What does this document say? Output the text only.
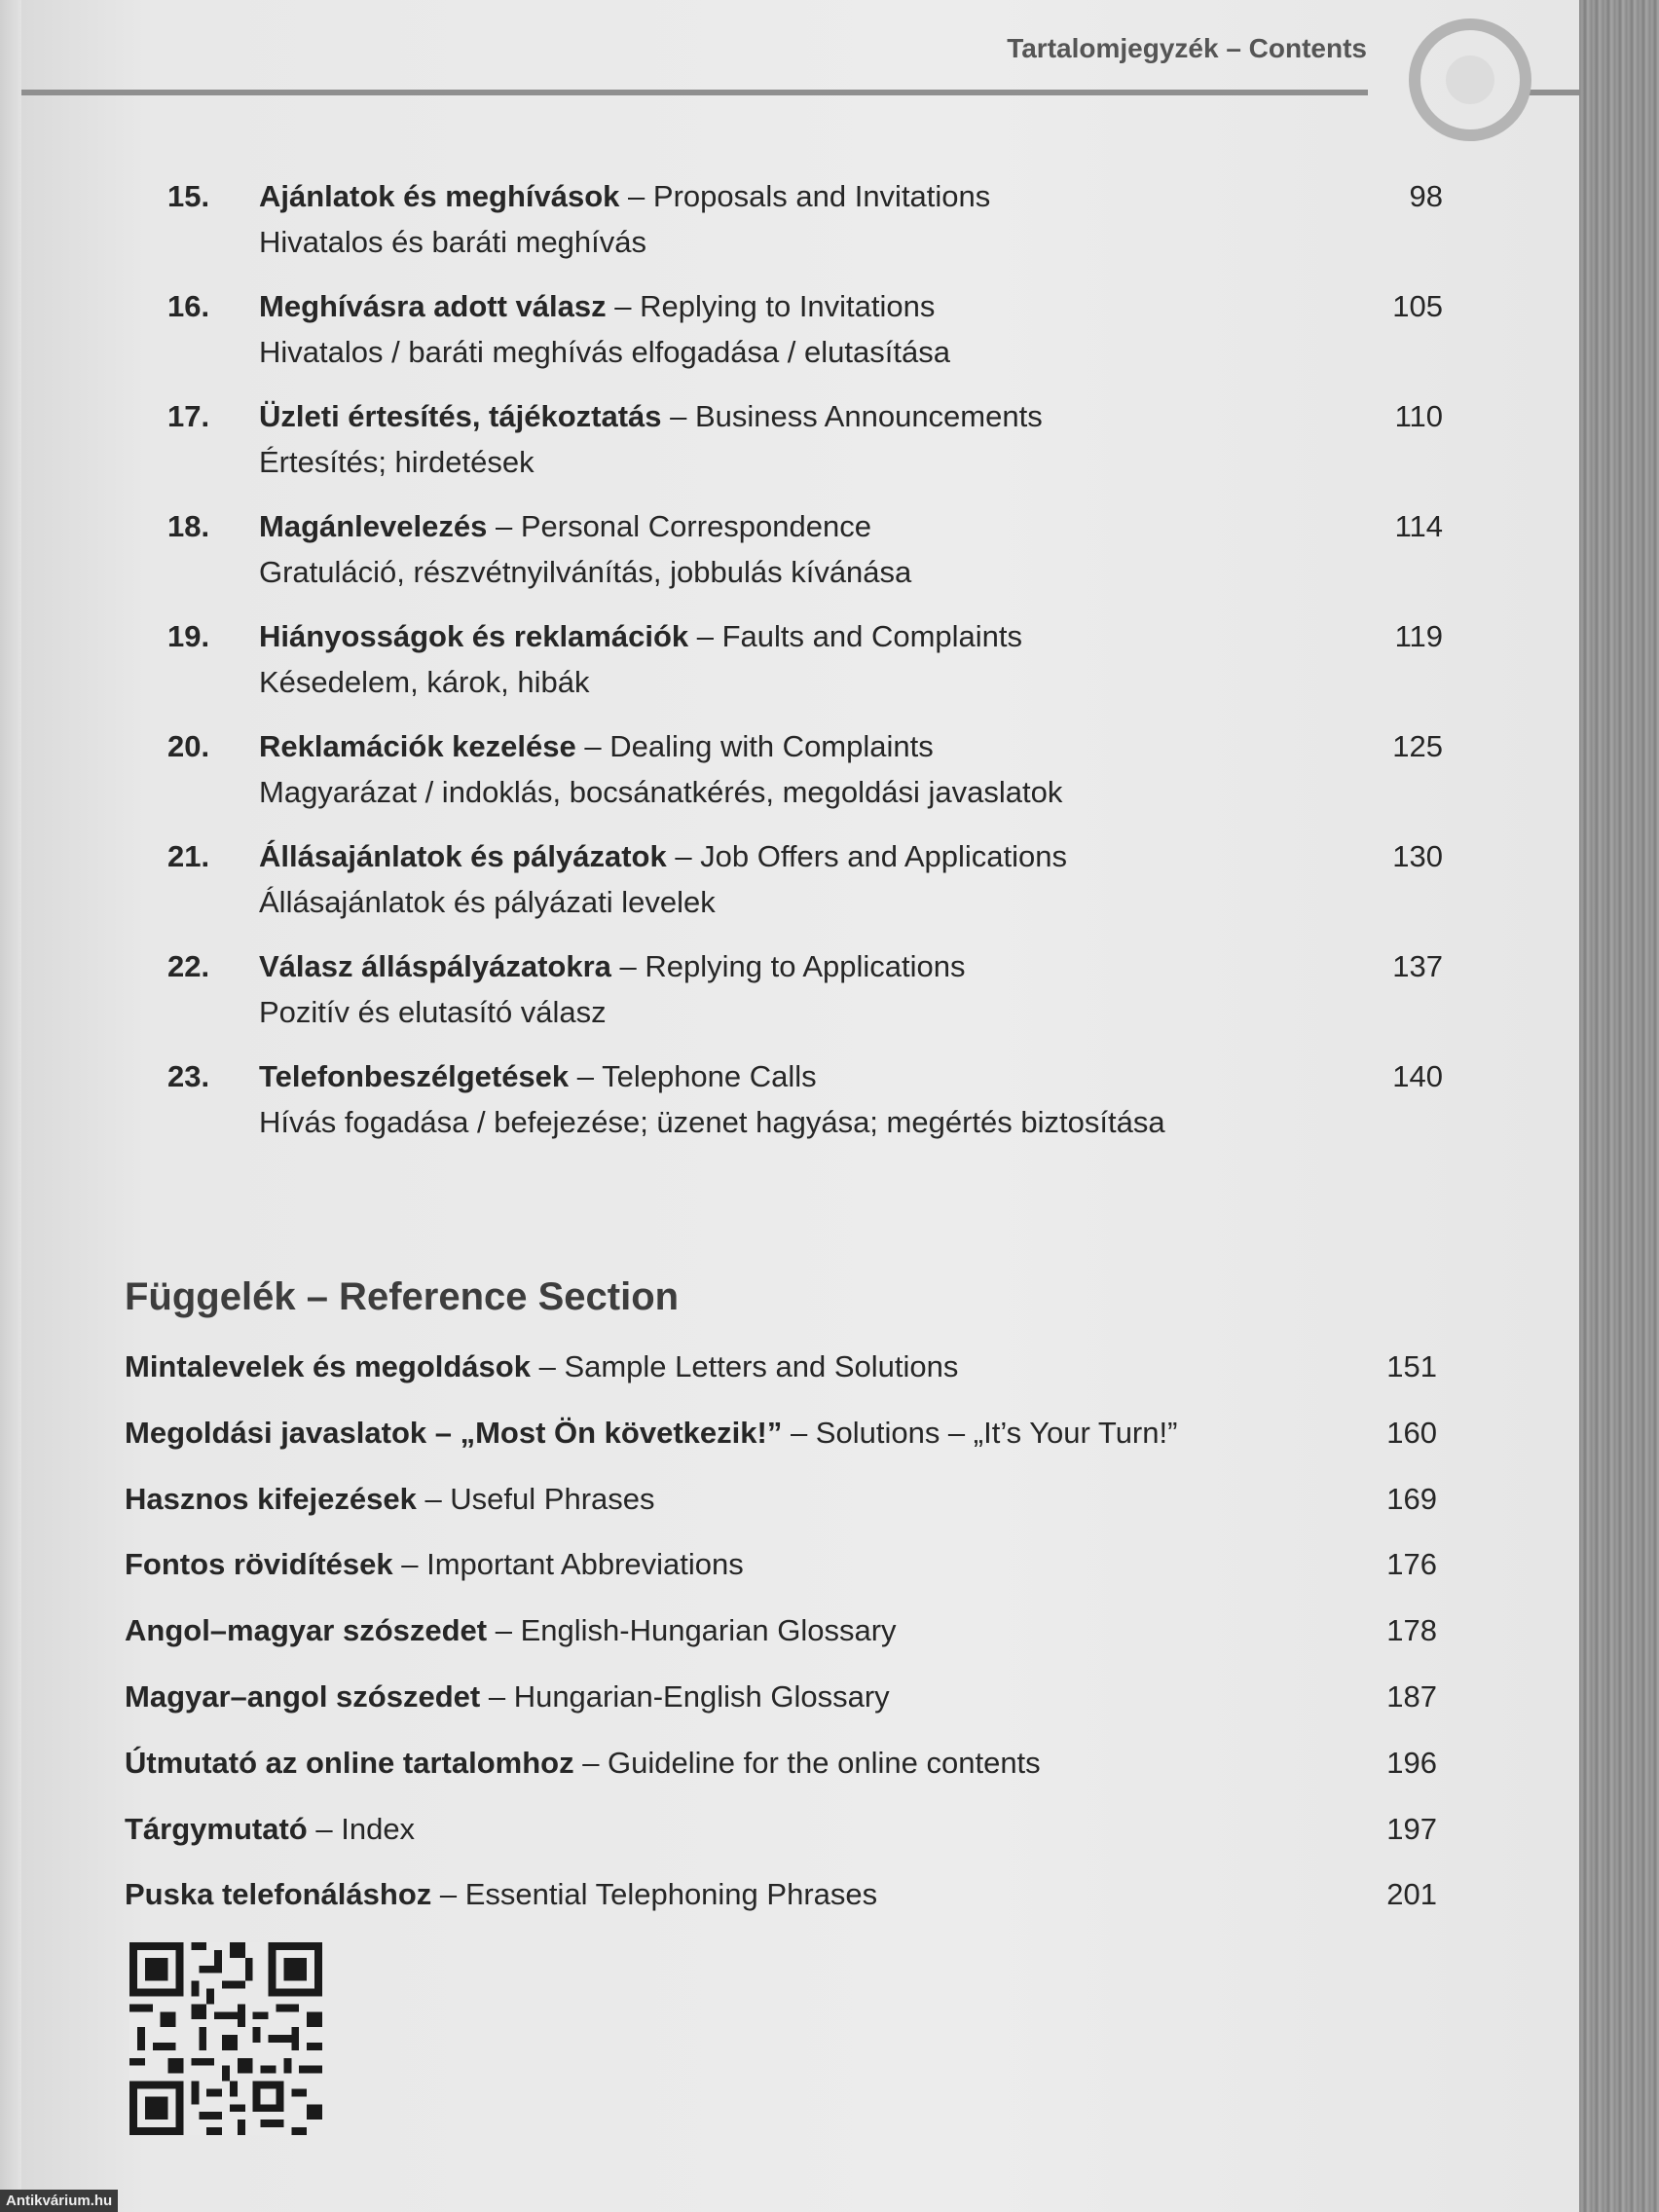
Tartalomjegyzék – Contents
15. Ajánlatok és meghívások – Proposals and Invitations
Hivatalos és baráti meghívás
98
16. Meghívásra adott válasz – Replying to Invitations
Hivatalos / baráti meghívás elfogadása / elutasítása
105
17. Üzleti értesítés, tájékoztatás – Business Announcements
Értesítés; hirdetések
110
18. Magánlevelezés – Personal Correspondence
Gratuláció, részvétnyilvánítás, jobbulás kívánása
114
19. Hiányosságok és reklamációk – Faults and Complaints
Késedelem, károk, hibák
119
20. Reklamációk kezelése – Dealing with Complaints
Magyarázat / indoklás, bocsánatkérés, megoldási javaslatok
125
21. Állásajánlatok és pályázatok – Job Offers and Applications
Állásajánlatok és pályázati levelek
130
22. Válasz álláspályázatokra – Replying to Applications
Pozitív és elutasító válasz
137
23. Telefonbeszélgetések – Telephone Calls
Hívás fogadása / befejezése; üzenet hagyása; megértés biztosítása
140
Függelék – Reference Section
Mintalevelek és megoldások – Sample Letters and Solutions	151
Megoldási javaslatok – „Most Ön következik!” – Solutions – „It’s Your Turn!”	160
Hasznos kifejezések – Useful Phrases	169
Fontos rövidítések – Important Abbreviations	176
Angol–magyar szószedet – English-Hungarian Glossary	178
Magyar–angol szószedet – Hungarian-English Glossary	187
Útmutató az online tartalomhoz – Guideline for the online contents	196
Tárgymutató – Index	197
Puska telefonáláshoz – Essential Telephoning Phrases	201
Antikvárium.hu
